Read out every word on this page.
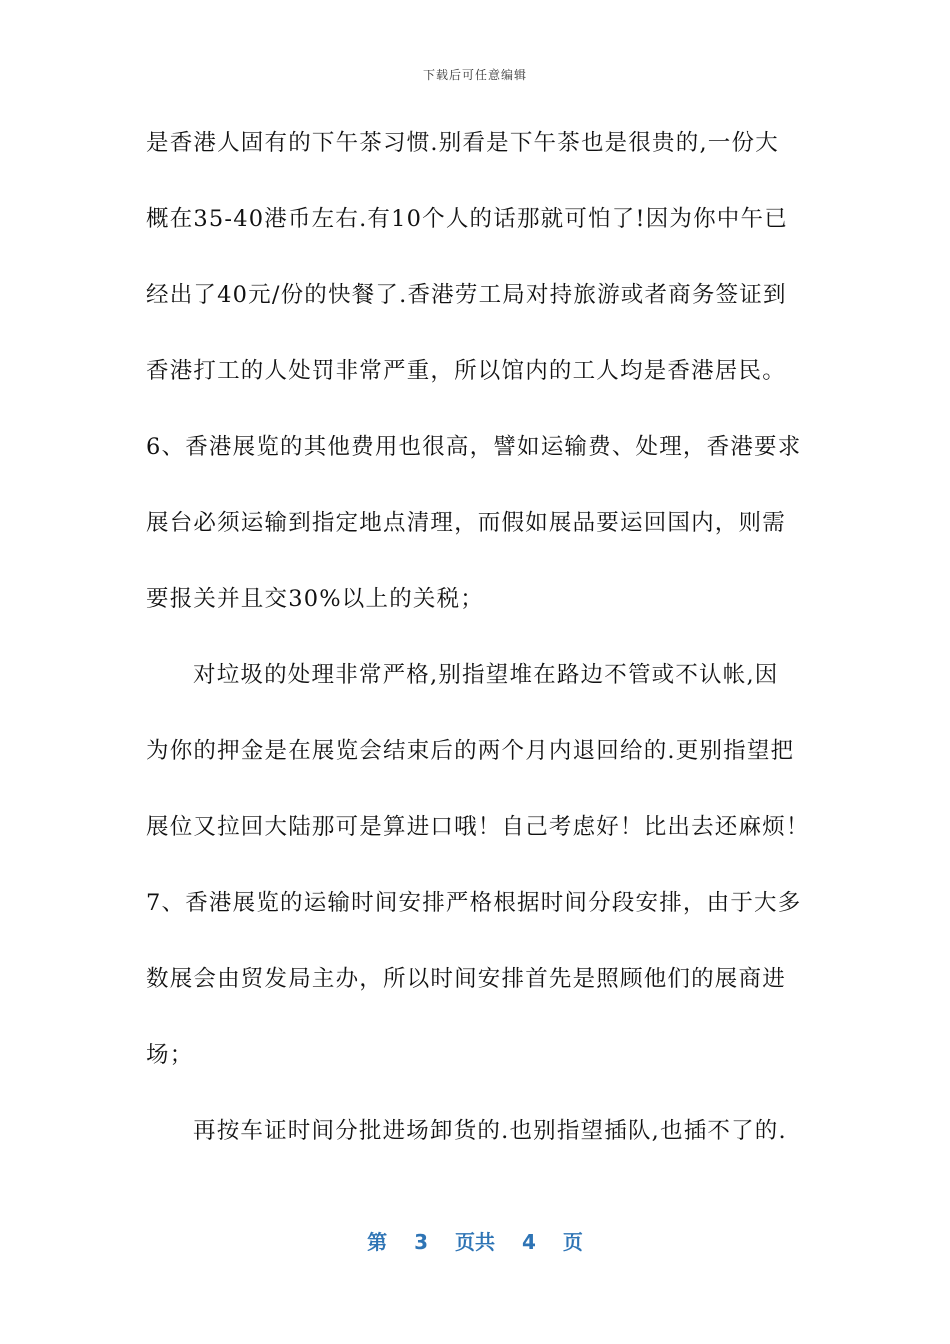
下载后可任意编辑
是香港人固有的下午茶习惯.别看是下午茶也是很贵的,一份大
概在35-40港币左右.有10个人的话那就可怕了!因为你中午已
经出了40元/份的快餐了.香港劳工局对持旅游或者商务签证到
香港打工的人处罚非常严重，所以馆内的工人均是香港居民。
6、香港展览的其他费用也很高，譬如运输费、处理，香港要求
展台必须运输到指定地点清理，而假如展品要运回国内，则需
要报关并且交30%以上的关税；
对垃圾的处理非常严格,别指望堆在路边不管或不认帐,因
为你的押金是在展览会结束后的两个月内退回给的.更别指望把
展位又拉回大陆那可是算进口哦！自己考虑好！比出去还麻烦！
7、香港展览的运输时间安排严格根据时间分段安排，由于大多
数展会由贸发局主办，所以时间安排首先是照顾他们的展商进
场；
再按车证时间分批进场卸货的.也别指望插队,也插不了的.
第 3 页共 4 页
